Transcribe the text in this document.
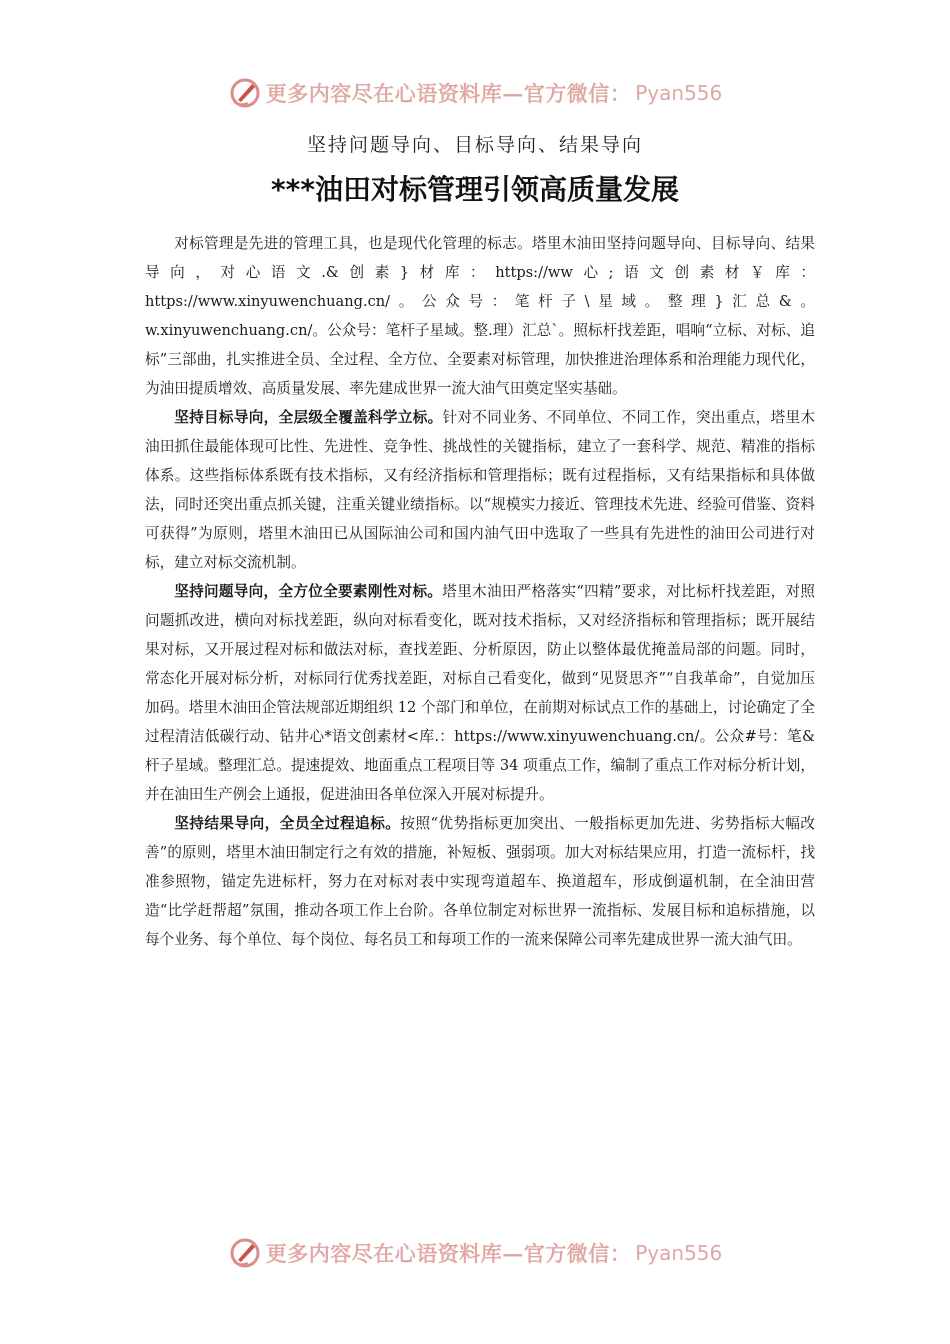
更多内容尽在心语资料库—官方微信： Pyan556
坚持问题导向、目标导向、结果导向
***油田对标管理引领高质量发展

对标管理是先进的管理工具，也是现代化管理的标志。塔里木油田坚持问题导向、目标导向、结果导向，对心语文.&创素}材库：https://ww心;语文创素材￥库：https://www.xinyuwenchuang.cn/。公众号：笔杆子\星域。整理}汇总&。w.xinyuwenchuang.cn/。公众号：笔杆子星域。整.理）汇总`。照标杆找差距，唱响“立标、对标、追标”三部曲，扎实推进全员、全过程、全方位、全要素对标管理，加快推进治理体系和治理能力现代化，为油田提质增效、高质量发展、率先建成世界一流大油气田奠定坚实基础。

坚持目标导向，全层级全覆盖科学立标。针对不同业务、不同单位、不同工作，突出重点，塔里木油田抓住最能体现可比性、先进性、竞争性、挑战性的关键指标，建立了一套科学、规范、精准的指标体系。这些指标体系既有技术指标，又有经济指标和管理指标；既有过程指标，又有结果指标和具体做法，同时还突出重点抓关键，注重关键业绩指标。以“规模实力接近、管理技术先进、经验可借鉴、资料可获得”为原则，塔里木油田已从国际油公司和国内油气田中选取了一些具有先进性的油田公司进行对标，建立对标交流机制。

坚持问题导向，全方位全要素刚性对标。塔里木油田严格落实“四精”要求，对比标杆找差距，对照问题抓改进，横向对标找差距，纵向对标看变化，既对技术指标，又对经济指标和管理指标；既开展结果对标，又开展过程对标和做法对标，查找差距、分析原因，防止以整体最优掩盖局部的问题。同时，常态化开展对标分析，对标同行优秀找差距，对标自己看变化，做到“见贤思齐”“自我革命”，自觉加压加码。塔里木油田企管法规部近期组织 12 个部门和单位，在前期对标试点工作的基础上，讨论确定了全过程清洁低碳行动、钻井心*语文创素材<库.：https://www.xinyuwenchuang.cn/。公众#号：笔&杆子星域。整理汇总。提速提效、地面重点工程项目等 34 项重点工作，编制了重点工作对标分析计划，并在油田生产例会上通报，促进油田各单位深入开展对标提升。

坚持结果导向，全员全过程追标。按照“优势指标更加突出、一般指标更加先进、劣势指标大幅改善”的原则，塔里木油田制定行之有效的措施，补短板、强弱项。加大对标结果应用，打造一流标杆，找准参照物，锚定先进标杆，努力在对标对表中实现弯道超车、换道超车，形成倒逼机制，在全油田营造“比学赶帮超”氛围，推动各项工作上台阶。各单位制定对标世界一流指标、发展目标和追标措施，以每个业务、每个单位、每个岗位、每名员工和每项工作的一流来保障公司率先建成世界一流大油气田。

更多内容尽在心语资料库—官方微信： Pyan556
